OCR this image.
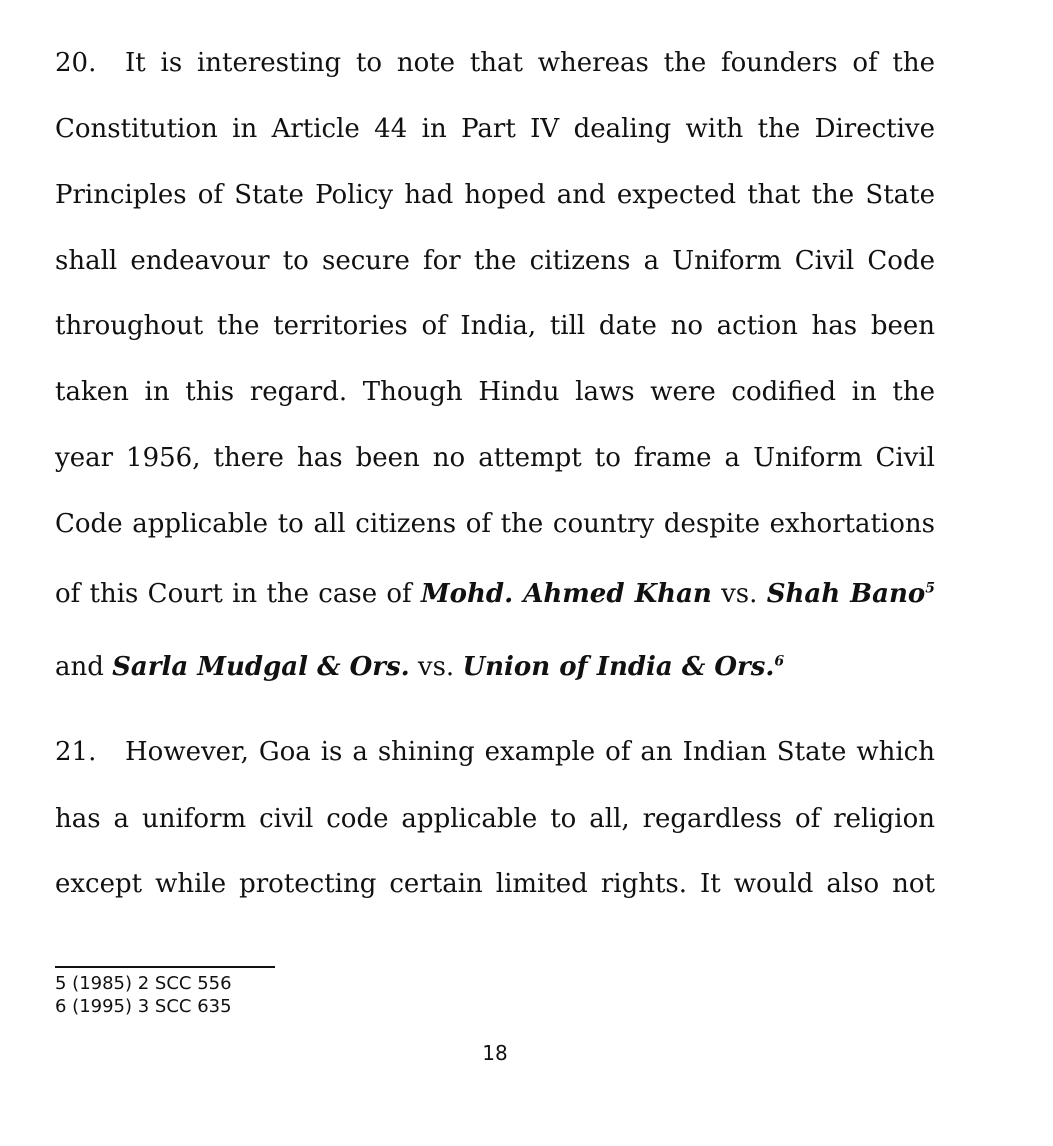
20. It is interesting to note that whereas the founders of the
Constitution in Article 44 in Part IV dealing with the Directive
Principles of State Policy had hoped and expected that the State
shall endeavour to secure for the citizens a Uniform Civil Code
throughout the territories of India, till date no action has been
taken in this regard. Though Hindu laws were codified in the
year 1956, there has been no attempt to frame a Uniform Civil
Code applicable to all citizens of the country despite exhortations
of this Court in the case of Mohd. Ahmed Khan vs. Shah Bano$^5$
and Sarla Mudgal & Ors. vs. Union of India & Ors.$^6$
21. However, Goa is a shining example of an Indian State which
has a uniform civil code applicable to all, regardless of religion
except while protecting certain limited rights. It would also not
5 (1985) 2 SCC 556
6 (1995) 3 SCC 635
18
